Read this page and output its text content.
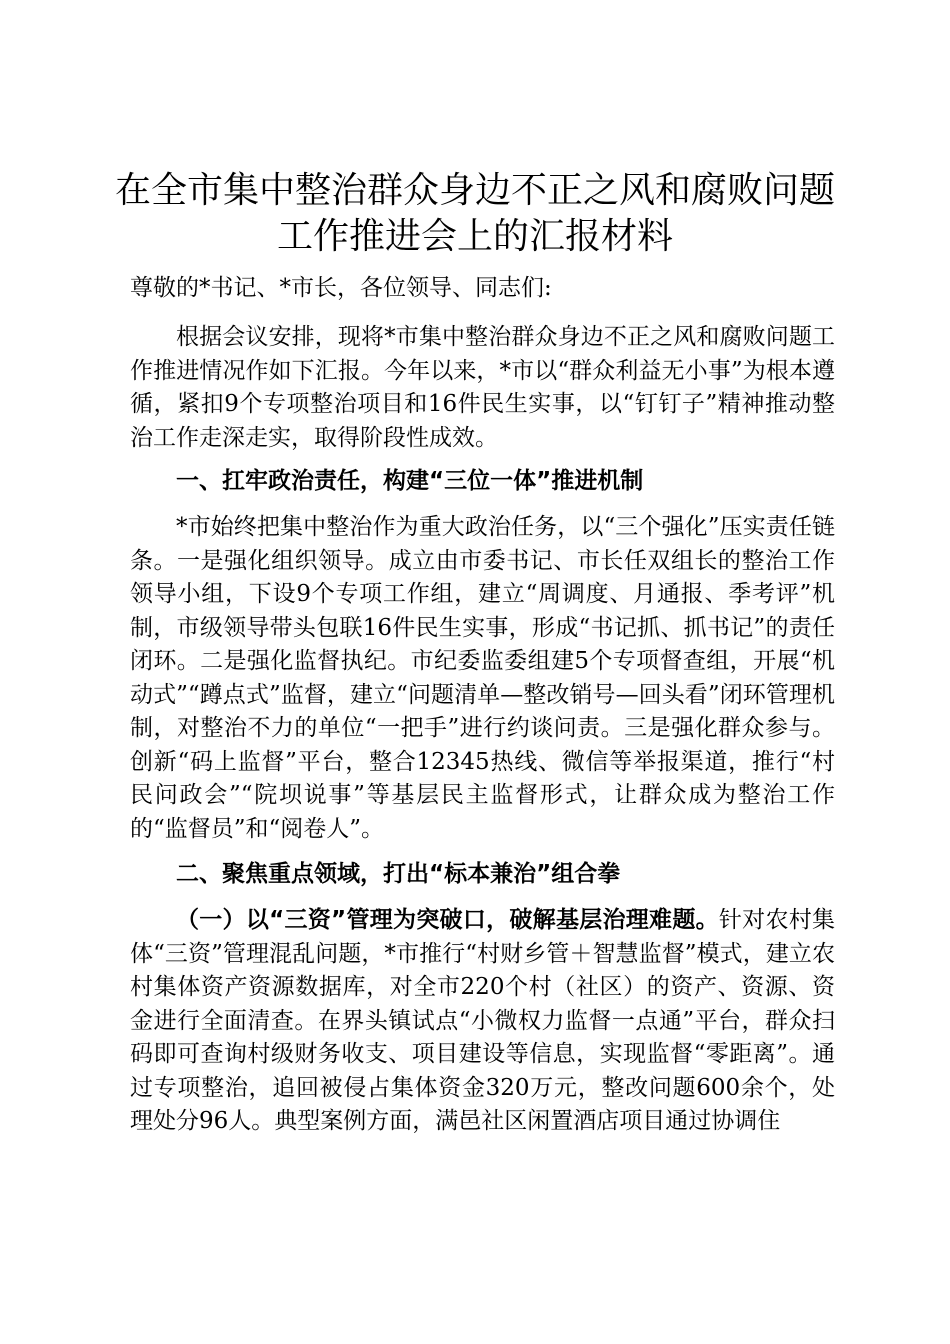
在全市集中整治群众身边不正之风和腐败问题
工作推进会上的汇报材料

尊敬的*书记、*市长，各位领导、同志们:

根据会议安排，现将*市集中整治群众身边不正之风和腐败问题工作推进情况作如下汇报。今年以来，*市以“群众利益无小事”为根本遵循，紧扣9个专项整治项目和16件民生实事，以“钉钉子”精神推动整治工作走深走实，取得阶段性成效。

一、扛牢政治责任，构建“三位一体”推进机制

*市始终把集中整治作为重大政治任务，以“三个强化”压实责任链条。一是强化组织领导。成立由市委书记、市长任双组长的整治工作领导小组，下设9个专项工作组，建立“周调度、月通报、季考评”机制，市级领导带头包联16件民生实事，形成“书记抓、抓书记”的责任闭环。二是强化监督执纪。市纪委监委组建5个专项督查组，开展“机动式”“蹲点式”监督，建立“问题清单—整改销号—回头看”闭环管理机制，对整治不力的单位“一把手”进行约谈问责。三是强化群众参与。创新“码上监督”平台，整合12345热线、微信等举报渠道，推行“村民问政会”“院坝说事”等基层民主监督形式，让群众成为整治工作的“监督员”和“阅卷人”。

二、聚焦重点领域，打出“标本兼治”组合拳

（一）以“三资”管理为突破口，破解基层治理难题。针对农村集体“三资”管理混乱问题，*市推行“村财乡管＋智慧监督”模式，建立农村集体资产资源数据库，对全市220个村（社区）的资产、资源、资金进行全面清查。在界头镇试点“小微权力监督一点通”平台，群众扫码即可查询村级财务收支、项目建设等信息，实现监督“零距离”。通过专项整治，追回被侵占集体资金320万元，整改问题600余个，处理处分96人。典型案例方面，满邑社区闲置酒店项目通过协调住
